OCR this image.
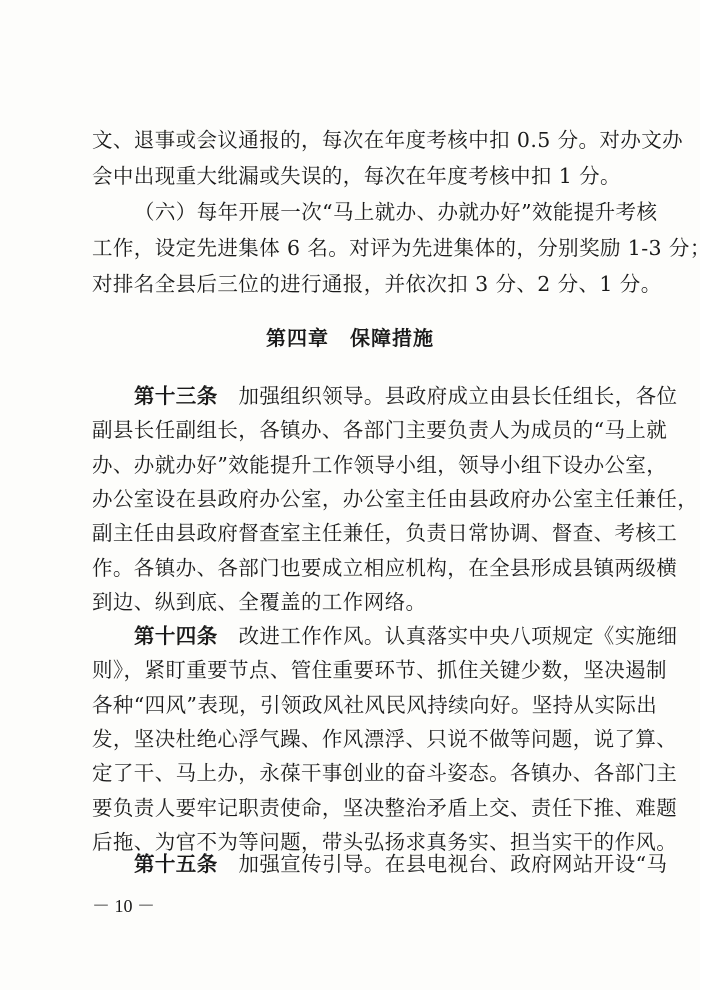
文、退事或会议通报的，每次在年度考核中扣 0.5 分。对办文办
会中出现重大纰漏或失误的，每次在年度考核中扣 1 分。
（六）每年开展一次“马上就办、办就办好”效能提升考核
工作，设定先进集体 6 名。对评为先进集体的，分别奖励 1-3 分；
对排名全县后三位的进行通报，并依次扣 3 分、2 分、1 分。
第四章　保障措施
第十三条　加强组织领导。县政府成立由县长任组长，各位
副县长任副组长，各镇办、各部门主要负责人为成员的“马上就
办、办就办好”效能提升工作领导小组，领导小组下设办公室，
办公室设在县政府办公室，办公室主任由县政府办公室主任兼任，
副主任由县政府督查室主任兼任，负责日常协调、督查、考核工
作。各镇办、各部门也要成立相应机构，在全县形成县镇两级横
到边、纵到底、全覆盖的工作网络。
第十四条　改进工作作风。认真落实中央八项规定《实施细
则》，紧盯重要节点、管住重要环节、抓住关键少数，坚决遏制
各种“四风”表现，引领政风社风民风持续向好。坚持从实际出
发，坚决杜绝心浮气躁、作风漂浮、只说不做等问题，说了算、
定了干、马上办，永葆干事创业的奋斗姿态。各镇办、各部门主
要负责人要牢记职责使命，坚决整治矛盾上交、责任下推、难题
后拖、为官不为等问题，带头弘扬求真务实、担当实干的作风。
第十五条　加强宣传引导。在县电视台、政府网站开设“马
－ 10 －
